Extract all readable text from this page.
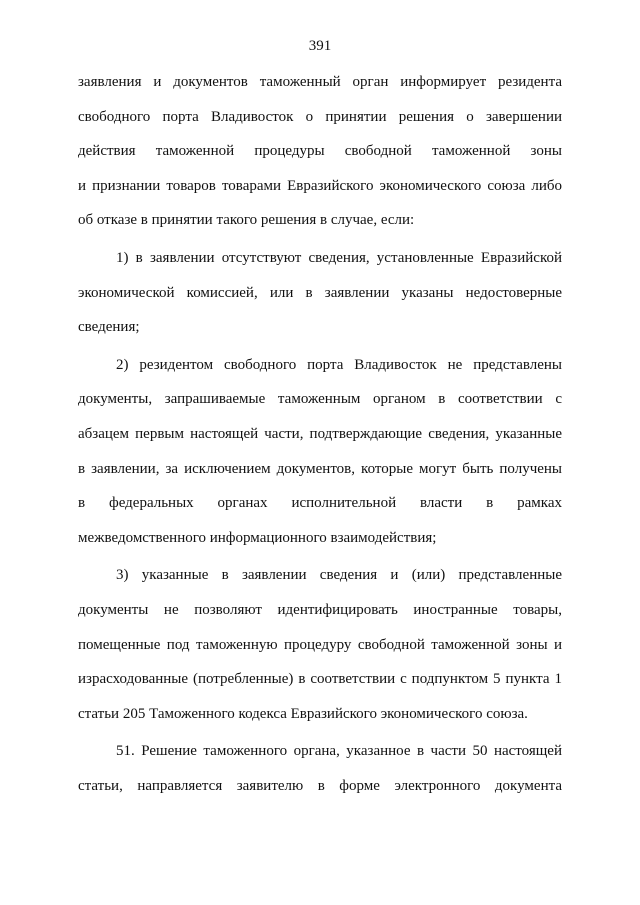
391
заявления и документов таможенный орган информирует резидента
свободного порта Владивосток о принятии решения о завершении
действия таможенной процедуры свободной таможенной зоны
и признании товаров товарами Евразийского экономического союза либо
об отказе в принятии такого решения в случае, если:
1) в заявлении отсутствуют сведения, установленные Евразийской
экономической комиссией, или в заявлении указаны недостоверные
сведения;
2) резидентом свободного порта Владивосток не представлены
документы, запрашиваемые таможенным органом в соответствии с
абзацем первым настоящей части, подтверждающие сведения, указанные
в заявлении, за исключением документов, которые могут быть получены
в федеральных органах исполнительной власти в рамках
межведомственного информационного взаимодействия;
3) указанные в заявлении сведения и (или) представленные
документы не позволяют идентифицировать иностранные товары,
помещенные под таможенную процедуру свободной таможенной зоны и
израсходованные (потребленные) в соответствии с подпунктом 5 пункта 1
статьи 205 Таможенного кодекса Евразийского экономического союза.
51. Решение таможенного органа, указанное в части 50 настоящей
статьи, направляется заявителю в форме электронного документа
